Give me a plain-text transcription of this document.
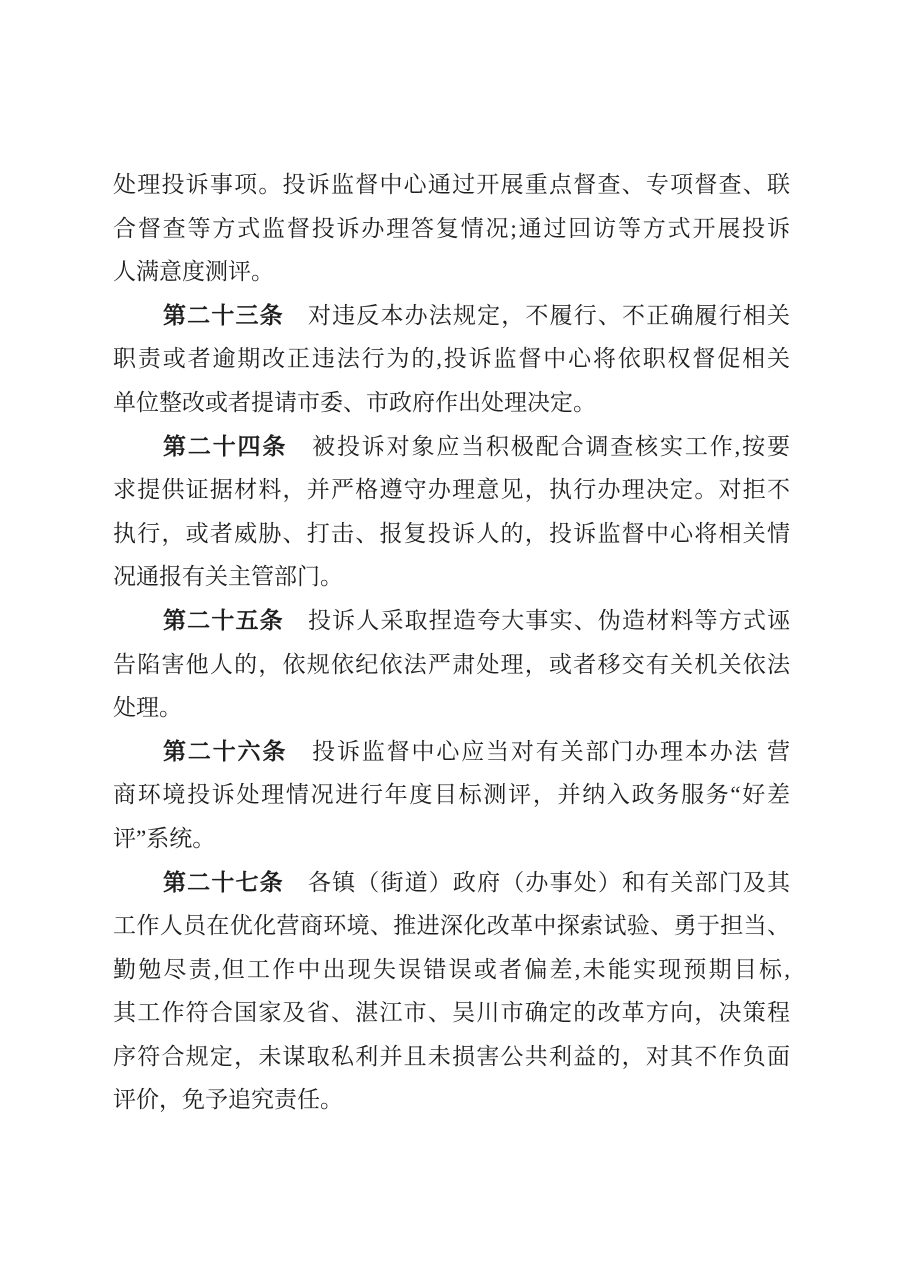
处理投诉事项。投诉监督中心通过开展重点督查、专项督查、联
合督查等方式监督投诉办理答复情况;通过回访等方式开展投诉
人满意度测评。
第二十三条　对违反本办法规定，不履行、不正确履行相关
职责或者逾期改正违法行为的,投诉监督中心将依职权督促相关
单位整改或者提请市委、市政府作出处理决定。
第二十四条　被投诉对象应当积极配合调查核实工作,按要
求提供证据材料，并严格遵守办理意见，执行办理决定。对拒不
执行，或者威胁、打击、报复投诉人的，投诉监督中心将相关情
况通报有关主管部门。
第二十五条　投诉人采取捏造夸大事实、伪造材料等方式诬
告陷害他人的，依规依纪依法严肃处理，或者移交有关机关依法
处理。
第二十六条　投诉监督中心应当对有关部门办理本办法 营
商环境投诉处理情况进行年度目标测评，并纳入政务服务“好差
评”系统。
第二十七条　各镇（街道）政府（办事处）和有关部门及其
工作人员在优化营商环境、推进深化改革中探索试验、勇于担当、
勤勉尽责,但工作中出现失误错误或者偏差,未能实现预期目标,
其工作符合国家及省、湛江市、吴川市确定的改革方向，决策程
序符合规定，未谋取私利并且未损害公共利益的，对其不作负面
评价，免予追究责任。
